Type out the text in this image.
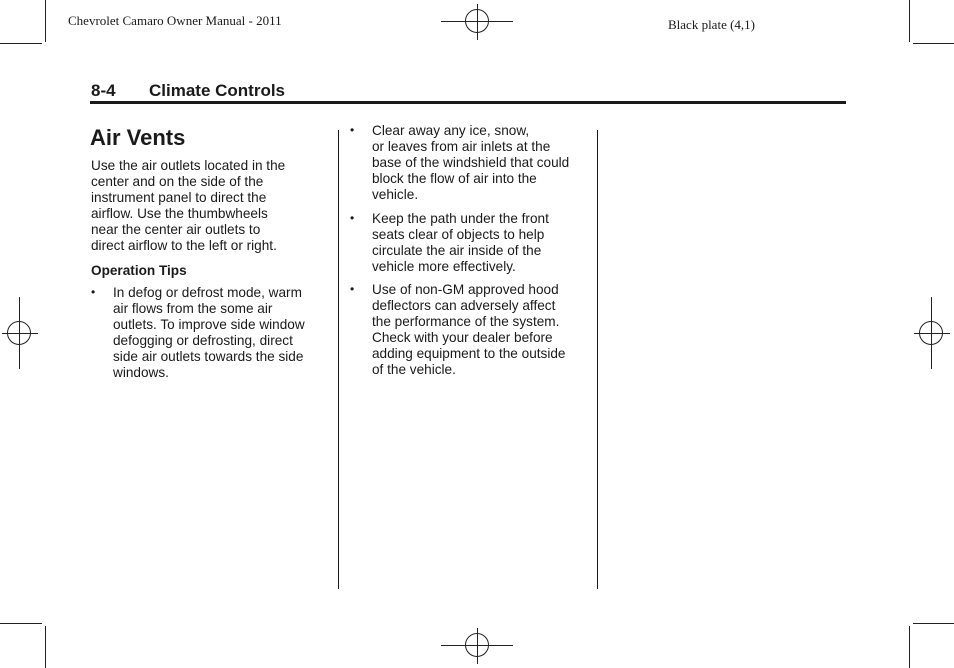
Chevrolet Camaro Owner Manual - 2011	Black plate (4,1)
8-4 Climate Controls
Air Vents
Use the air outlets located in the
center and on the side of the
instrument panel to direct the
airflow. Use the thumbwheels
near the center air outlets to
direct airflow to the left or right.
Operation Tips
• In defog or defrost mode, warm
air flows from the some air
outlets. To improve side window
defogging or defrosting, direct
side air outlets towards the side
windows.
• Clear away any ice, snow,
or leaves from air inlets at the
base of the windshield that could
block the flow of air into the
vehicle.
• Keep the path under the front
seats clear of objects to help
circulate the air inside of the
vehicle more effectively.
• Use of non-GM approved hood
deflectors can adversely affect
the performance of the system.
Check with your dealer before
adding equipment to the outside
of the vehicle.
